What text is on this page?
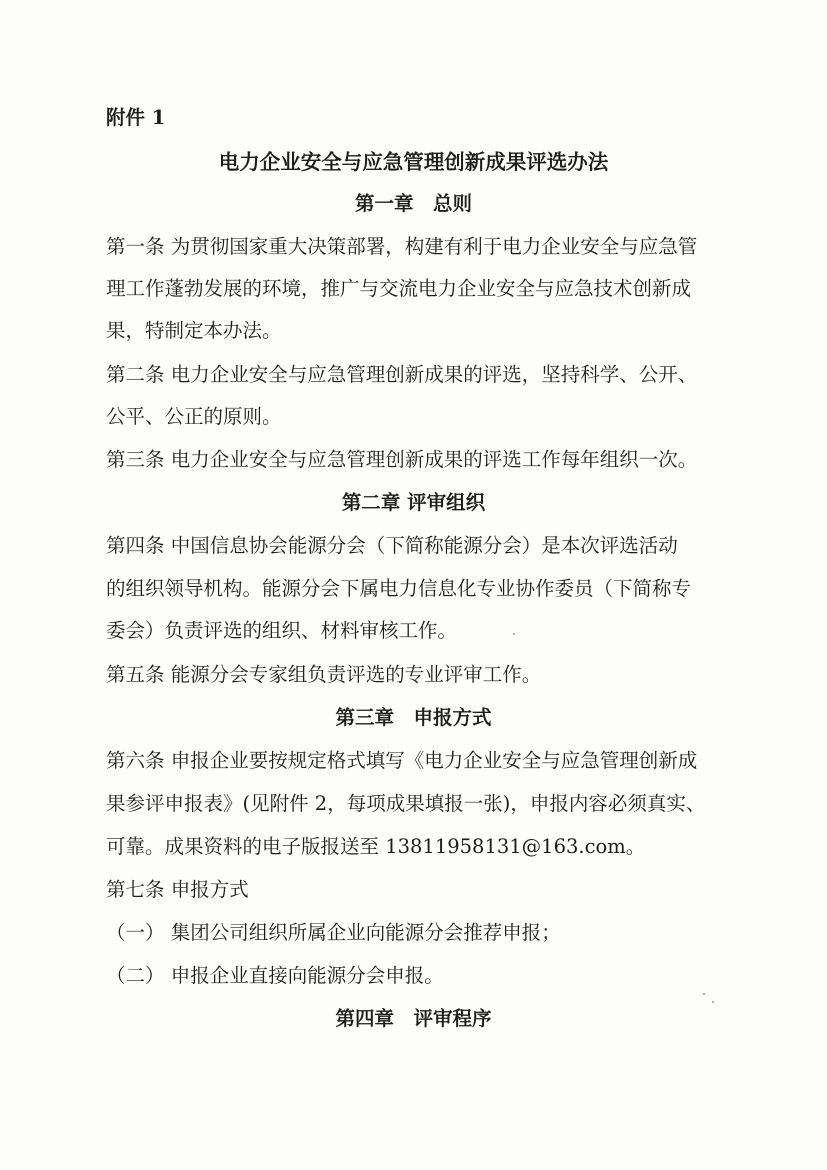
附件 1
电力企业安全与应急管理创新成果评选办法
第一章　总则
第一条 为贯彻国家重大决策部署，构建有利于电力企业安全与应急管
理工作蓬勃发展的环境，推广与交流电力企业安全与应急技术创新成
果，特制定本办法。
第二条 电力企业安全与应急管理创新成果的评选，坚持科学、公开、
公平、公正的原则。
第三条 电力企业安全与应急管理创新成果的评选工作每年组织一次。
第二章 评审组织
第四条 中国信息协会能源分会（下简称能源分会）是本次评选活动
的组织领导机构。能源分会下属电力信息化专业协作委员（下简称专
委会）负责评选的组织、材料审核工作。
第五条 能源分会专家组负责评选的专业评审工作。
第三章　申报方式
第六条 申报企业要按规定格式填写《电力企业安全与应急管理创新成
果参评申报表》(见附件 2，每项成果填报一张)，申报内容必须真实、
可靠。成果资料的电子版报送至 13811958131@163.com。
第七条 申报方式
（一） 集团公司组织所属企业向能源分会推荐申报；
（二） 申报企业直接向能源分会申报。
第四章　评审程序
